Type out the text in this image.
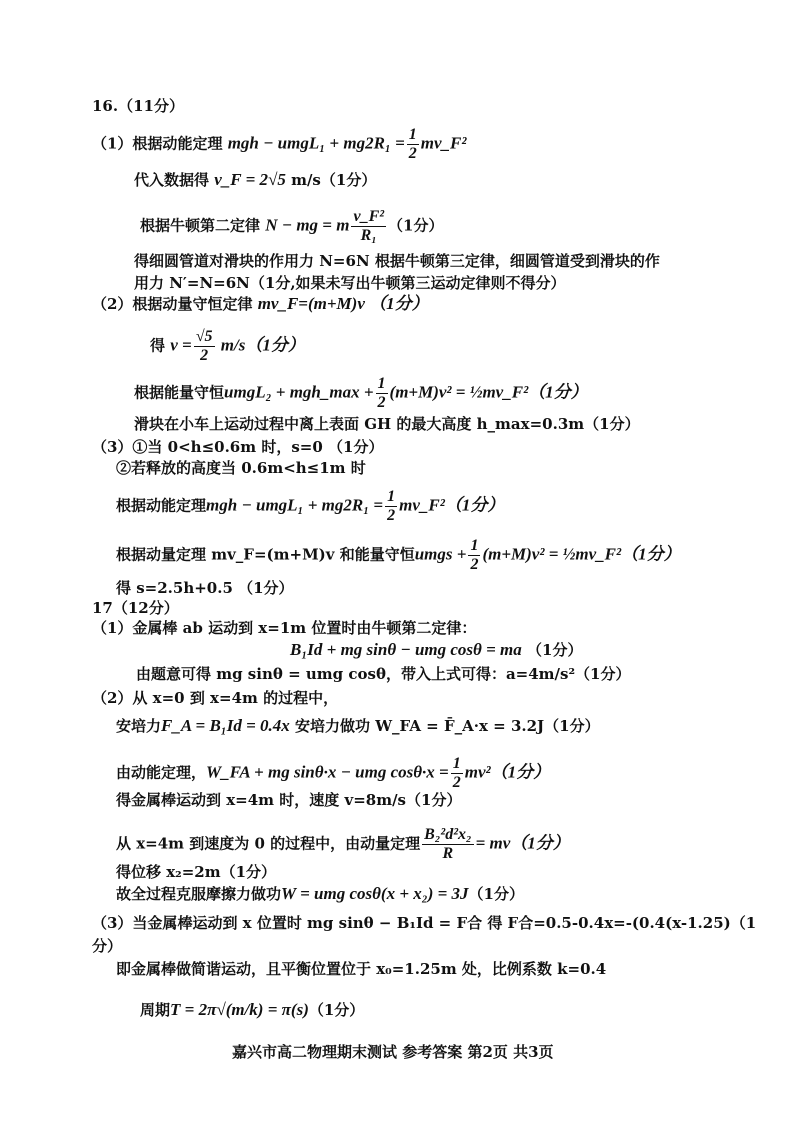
16.（11分）
（1）根据动能定理 mgh − umgL₁ + $mg2R_1 = \frac{1}{2}$ mv_F²
代入数据得 v_F = 2√5 m/s（1分）
根据牛顿第二定律 N − mg = m $\frac{\text{v\_F²}}{\text{R₁}} (1$分）
得细圆管道对滑块的作用力 N=6N 根据牛顿第三定律，细圆管道受到滑块的作
用力 N′=N=6N（1分,如果未写出牛顿第三运动定律则不得分）
（2）根据动量守恒定律 mv_F=(m+M)v （1分）
得 $v = \frac{√5}{2} m/s(1$分）
根据能量守恒umgL₂ + mgh_max + $\frac{1}{2} (m+M)v^2$ = ½mv_F²（1分）
滑块在小车上运动过程中离上表面 GH 的最大高度 h_max=0.3m（1分）
（3）①当 0<h≤0.6m 时，s=0 （1分）
②若释放的高度当 0.6m<h≤1m 时
根据动能定理mgh − umgL₁ + $mg2R_1 = \frac{1}{2}$ mv_F²（1分）
根据动量定理 mv_F=(m+M)v 和能量守恒umgs + $\frac{1}{2} (m+M)v^2$ = ½mv_F²（1分）
得 s=2.5h+0.5 （1分）
17（12分）
（1）金属棒 ab 运动到 x=1m 位置时由牛顿第二定律：
B₁Id + mg sinθ − umg cosθ = ma （1分）
由题意可得 mg sinθ = umg cosθ，带入上式可得：a=4m/s²（1分）
（2）从 x=0 到 x=4m 的过程中，
安培力F_A = B₁Id = 0.4x 安培力做功 W_FA = F̄_A·x = 3.2J（1分）
由动能定理，W_FA + mg sinθ·x − umg $\cos\theta\cdot x = \frac{1}{2} mv^2(1$分）
得金属棒运动到 x=4m 时，速度 v=8m/s（1分）
从 x=4m 到速度为 0 的过程中，由动量定理 $\frac{\text{B₂²d²x₂}}{R} = mv(1$分）
得位移 x₂=2m（1分）
故全过程克服摩擦力做功W = umg cosθ(x + x₂) = 3J（1分）
（3）当金属棒运动到 x 位置时 mg sinθ − B₁Id = F合 得 F合=0.5-0.4x=-(0.4(x-1.25)（1
分）
即金属棒做简谐运动，且平衡位置位于 x₀=1.25m 处，比例系数 k=0.4
周期T = 2π√(m/k) = π(s)（1分）
嘉兴市高二物理期末测试 参考答案 第2页 共3页
